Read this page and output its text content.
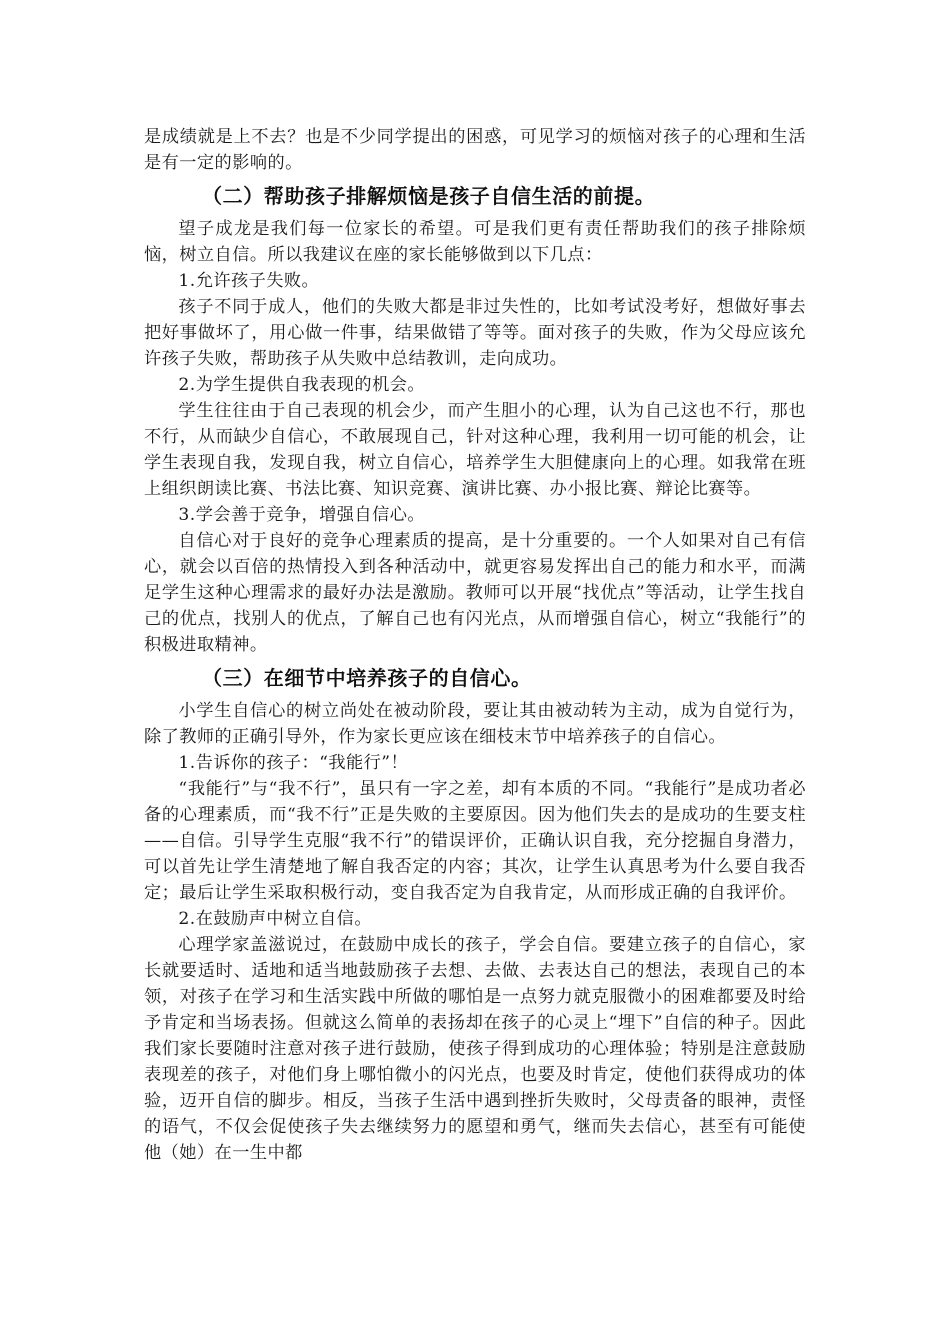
是成绩就是上不去？也是不少同学提出的困惑，可见学习的烦恼对孩子的心理和生活是有一定的影响的。

（二）帮助孩子排解烦恼是孩子自信生活的前提。

望子成龙是我们每一位家长的希望。可是我们更有责任帮助我们的孩子排除烦恼，树立自信。所以我建议在座的家长能够做到以下几点：

1.允许孩子失败。

孩子不同于成人，他们的失败大都是非过失性的，比如考试没考好，想做好事去把好事做坏了，用心做一件事，结果做错了等等。面对孩子的失败，作为父母应该允许孩子失败，帮助孩子从失败中总结教训，走向成功。

2.为学生提供自我表现的机会。

学生往往由于自己表现的机会少，而产生胆小的心理，认为自己这也不行，那也不行，从而缺少自信心，不敢展现自己，针对这种心理，我利用一切可能的机会，让学生表现自我，发现自我，树立自信心，培养学生大胆健康向上的心理。如我常在班上组织朗读比赛、书法比赛、知识竞赛、演讲比赛、办小报比赛、辩论比赛等。

3.学会善于竞争，增强自信心。

自信心对于良好的竞争心理素质的提高，是十分重要的。一个人如果对自己有信心，就会以百倍的热情投入到各种活动中，就更容易发挥出自己的能力和水平，而满足学生这种心理需求的最好办法是激励。教师可以开展“找优点”等活动，让学生找自己的优点，找别人的优点，了解自己也有闪光点，从而增强自信心，树立“我能行”的积极进取精神。

（三）在细节中培养孩子的自信心。

小学生自信心的树立尚处在被动阶段，要让其由被动转为主动，成为自觉行为，除了教师的正确引导外，作为家长更应该在细枝末节中培养孩子的自信心。

1.告诉你的孩子：“我能行”！

“我能行”与“我不行”，虽只有一字之差，却有本质的不同。“我能行”是成功者必备的心理素质，而“我不行”正是失败的主要原因。因为他们失去的是成功的生要支柱——自信。引导学生克服“我不行”的错误评价，正确认识自我，充分挖掘自身潜力，可以首先让学生清楚地了解自我否定的内容；其次，让学生认真思考为什么要自我否定；最后让学生采取积极行动，变自我否定为自我肯定，从而形成正确的自我评价。

2.在鼓励声中树立自信。

心理学家盖滋说过，在鼓励中成长的孩子，学会自信。要建立孩子的自信心，家长就要适时、适地和适当地鼓励孩子去想、去做、去表达自己的想法，表现自己的本领，对孩子在学习和生活实践中所做的哪怕是一点努力就克服微小的困难都要及时给予肯定和当场表扬。但就这么简单的表扬却在孩子的心灵上“埋下”自信的种子。因此我们家长要随时注意对孩子进行鼓励，使孩子得到成功的心理体验；特别是注意鼓励表现差的孩子，对他们身上哪怕微小的闪光点，也要及时肯定，使他们获得成功的体验，迈开自信的脚步。相反，当孩子生活中遇到挫折失败时，父母责备的眼神，责怪的语气，不仅会促使孩子失去继续努力的愿望和勇气，继而失去信心，甚至有可能使他（她）在一生中都
